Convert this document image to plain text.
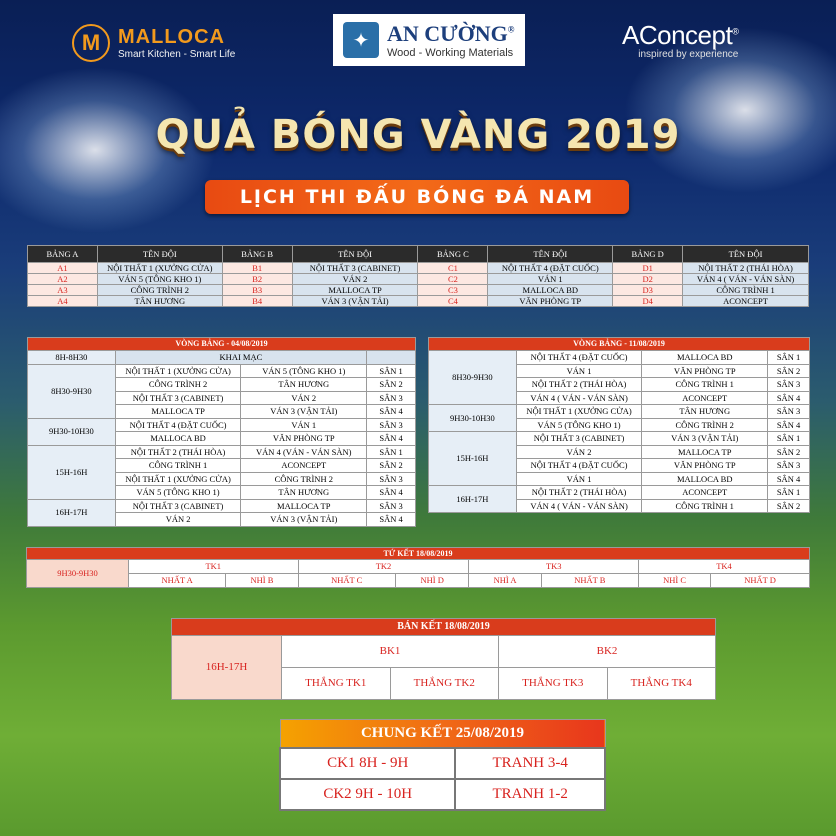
M MALLOCA
Smart Kitchen - Smart Life
✦ AN CƯỜNG®
Wood - Working Materials
AConcept®
inspired by experience
QUẢ BÓNG VÀNG 2019
LỊCH THI ĐẤU BÓNG ĐÁ NAM
BẢNG A	TÊN ĐỘI	BẢNG B	TÊN ĐỘI	BẢNG C	TÊN ĐỘI	BẢNG D	TÊN ĐỘI
A1	NỘI THẤT 1 (XƯỞNG CỬA)	B1	NỘI THẤT 3 (CABINET)	C1	NỘI THẤT 4 (ĐẶT CUỐC)	D1	NỘI THẤT 2 (THÁI HÒA)
A2	VÁN 5 (TÔNG KHO 1)	B2	VÁN 2	C2	VÁN 1	D2	VÁN 4 ( VÁN - VÁN SÀN)
A3	CÔNG TRÌNH 2	B3	MALLOCA TP	C3	MALLOCA BD	D3	CÔNG TRÌNH 1
A4	TÂN HƯƠNG	B4	VÁN 3 (VẬN TẢI)	C4	VĂN PHÒNG TP	D4	ACONCEPT
VÒNG BẢNG - 04/08/2019			
8H-8H30	KHAI MẠC		
8H30-9H30	NỘI THẤT 1 (XƯỞNG CỬA)	VÁN 5 (TÔNG KHO 1)	SÂN 1
	CÔNG TRÌNH 2	TÂN HƯƠNG	SÂN 2
	NỘI THẤT 3 (CABINET)	VÁN 2	SÂN 3
	MALLOCA TP	VÁN 3 (VẬN TẢI)	SÂN 4
9H30-10H30	NỘI THẤT 4 (ĐẶT CUỐC)	VÁN 1	SÂN 3
	MALLOCA BD	VĂN PHÒNG TP	SÂN 4
15H-16H	NỘI THẤT 2 (THÁI HÒA)	VÁN 4 (VÁN - VÁN SÀN)	SÂN 1
	CÔNG TRÌNH 1	ACONCEPT	SÂN 2
	NỘI THẤT 1 (XƯỞNG CỬA)	CÔNG TRÌNH 2	SÂN 3
	VÁN 5 (TÔNG KHO 1)	TÂN HƯƠNG	SÂN 4
16H-17H	NỘI THẤT 3 (CABINET)	MALLOCA TP	SÂN 3
	VÁN 2	VÁN 3 (VẬN TẢI)	SÂN 4
VÒNG BẢNG - 11/08/2019			
8H30-9H30	NỘI THẤT 4 (ĐẶT CUỐC)	MALLOCA BD	SÂN 1
	VÁN 1	VĂN PHÒNG TP	SÂN 2
	NỘI THẤT 2 (THÁI HÒA)	CÔNG TRÌNH 1	SÂN 3
	VÁN 4 ( VÁN - VÁN SÀN)	ACONCEPT	SÂN 4
9H30-10H30	NỘI THẤT 1 (XƯỞNG CỬA)	TÂN HƯƠNG	SÂN 3
	VÁN 5 (TÔNG KHO 1)	CÔNG TRÌNH 2	SÂN 4
15H-16H	NỘI THẤT 3 (CABINET)	VÁN 3 (VẬN TẢI)	SÂN 1
	VÁN 2	MALLOCA TP	SÂN 2
	NỘI THẤT 4 (ĐẶT CUỐC)	VĂN PHÒNG TP	SÂN 3
	VÁN 1	MALLOCA BD	SÂN 4
16H-17H	NỘI THẤT 2 (THÁI HÒA)	ACONCEPT	SÂN 1
	VÁN 4 ( VÁN - VÁN SÀN)	CÔNG TRÌNH 1	SÂN 2
TỨ KẾT 18/08/2019								
9H30-9H30	TK1		TK2		TK3		TK4	
	NHẤT A	NHÌ B	NHẤT C	NHÌ D	NHÌ A	NHẤT B	NHÌ C	NHẤT D
BÁN KẾT 18/08/2019				
16H-17H	BK1		BK2	
	THẮNG TK1	THẮNG TK2	THẮNG TK3	THẮNG TK4
CHUNG KẾT 25/08/2019	
CK1 8H - 9H	TRANH 3-4
CK2 9H - 10H	TRANH 1-2
